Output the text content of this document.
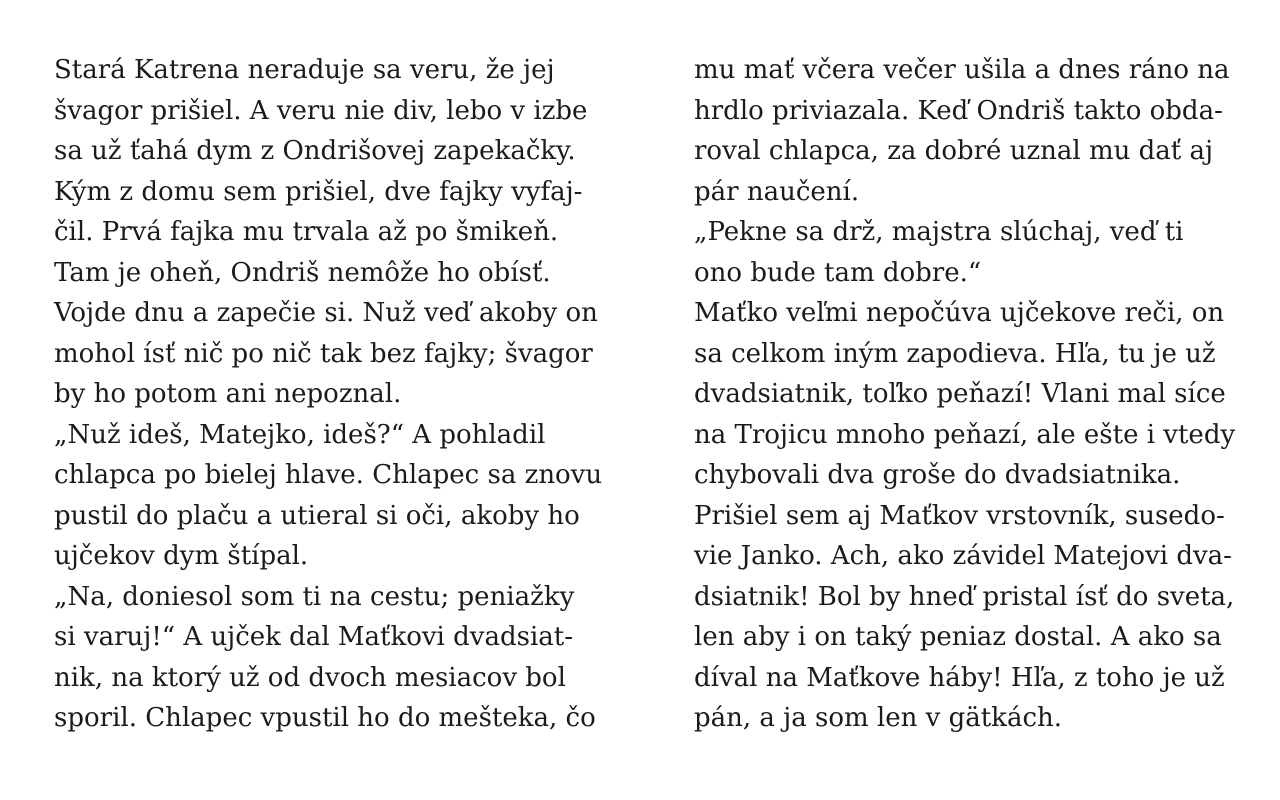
Stará Katrena neraduje sa veru, že jej
švagor prišiel. A veru nie div, lebo v izbe
sa už ťahá dym z Ondrišovej zapekačky.
Kým z domu sem prišiel, dve fajky vyfaj-
čil. Prvá fajka mu trvala až po šmikeň.
Tam je oheň, Ondriš nemôže ho obísť.
Vojde dnu a zapečie si. Nuž veď akoby on
mohol ísť nič po nič tak bez fajky; švagor
by ho potom ani nepoznal.
„Nuž ideš, Matejko, ideš?“ A pohladil
chlapca po bielej hlave. Chlapec sa znovu
pustil do plaču a utieral si oči, akoby ho
ujčekov dym štípal.
„Na, doniesol som ti na cestu; peniažky
si varuj!“ A ujček dal Maťkovi dvadsiat-
nik, na ktorý už od dvoch mesiacov bol
sporil. Chlapec vpustil ho do mešteka, čo
mu mať včera večer ušila a dnes ráno na
hrdlo priviazala. Keď Ondriš takto obda-
roval chlapca, za dobré uznal mu dať aj
pár naučení.
„Pekne sa drž, majstra slúchaj, veď ti
ono bude tam dobre.“
Maťko veľmi nepočúva ujčekove reči, on
sa celkom iným zapodieva. Hľa, tu je už
dvadsiatnik, toľko peňazí! Vlani mal síce
na Trojicu mnoho peňazí, ale ešte i vtedy
chybovali dva groše do dvadsiatnika.
Prišiel sem aj Maťkov vrstovník, susedo-
vie Janko. Ach, ako závidel Matejovi dva-
dsiatnik! Bol by hneď pristal ísť do sveta,
len aby i on taký peniaz dostal. A ako sa
díval na Maťkove háby! Hľa, z toho je už
pán, a ja som len v gätkách.
